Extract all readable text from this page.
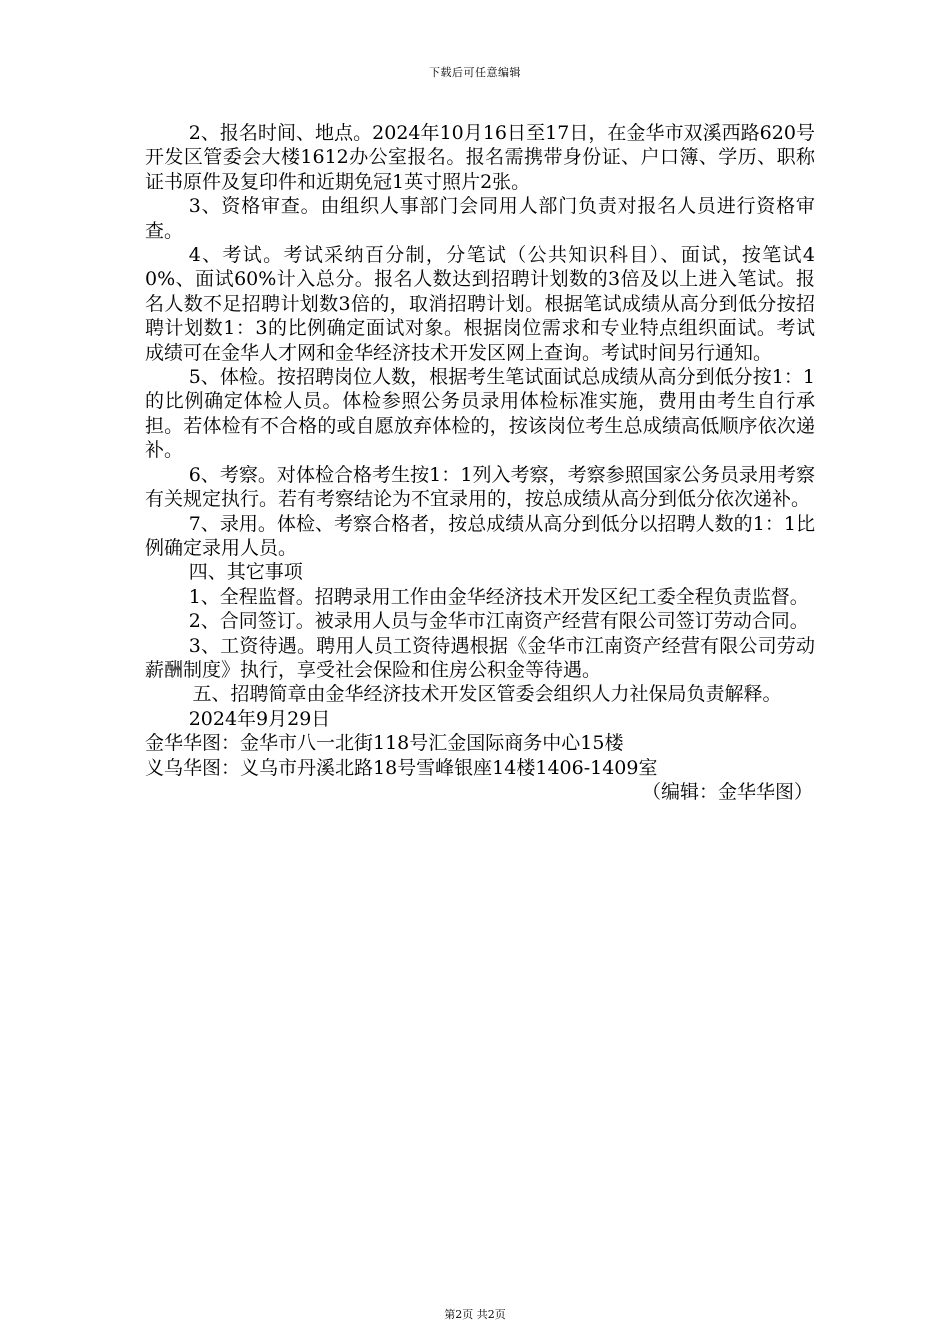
下载后可任意编辑

2、报名时间、地点。2024年10月16日至17日，在金华市双溪西路620号开发区管委会大楼1612办公室报名。报名需携带身份证、户口簿、学历、职称证书原件及复印件和近期免冠1英寸照片2张。

3、资格审查。由组织人事部门会同用人部门负责对报名人员进行资格审查。

4、考试。考试采纳百分制，分笔试（公共知识科目）、面试，按笔试40%、面试60%计入总分。报名人数达到招聘计划数的3倍及以上进入笔试。报名人数不足招聘计划数3倍的，取消招聘计划。根据笔试成绩从高分到低分按招聘计划数1：3的比例确定面试对象。根据岗位需求和专业特点组织面试。考试成绩可在金华人才网和金华经济技术开发区网上查询。考试时间另行通知。

5、体检。按招聘岗位人数，根据考生笔试面试总成绩从高分到低分按1：1的比例确定体检人员。体检参照公务员录用体检标准实施，费用由考生自行承担。若体检有不合格的或自愿放弃体检的，按该岗位考生总成绩高低顺序依次递补。

6、考察。对体检合格考生按1：1列入考察，考察参照国家公务员录用考察有关规定执行。若有考察结论为不宜录用的，按总成绩从高分到低分依次递补。

7、录用。体检、考察合格者，按总成绩从高分到低分以招聘人数的1：1比例确定录用人员。

四、其它事项

1、全程监督。招聘录用工作由金华经济技术开发区纪工委全程负责监督。

2、合同签订。被录用人员与金华市江南资产经营有限公司签订劳动合同。

3、工资待遇。聘用人员工资待遇根据《金华市江南资产经营有限公司劳动薪酬制度》执行，享受社会保险和住房公积金等待遇。

五、招聘简章由金华经济技术开发区管委会组织人力社保局负责解释。

2024年9月29日

金华华图：金华市八一北街118号汇金国际商务中心15楼

义乌华图：义乌市丹溪北路18号雪峰银座14楼1406-1409室

（编辑：金华华图）

第2页 共2页
